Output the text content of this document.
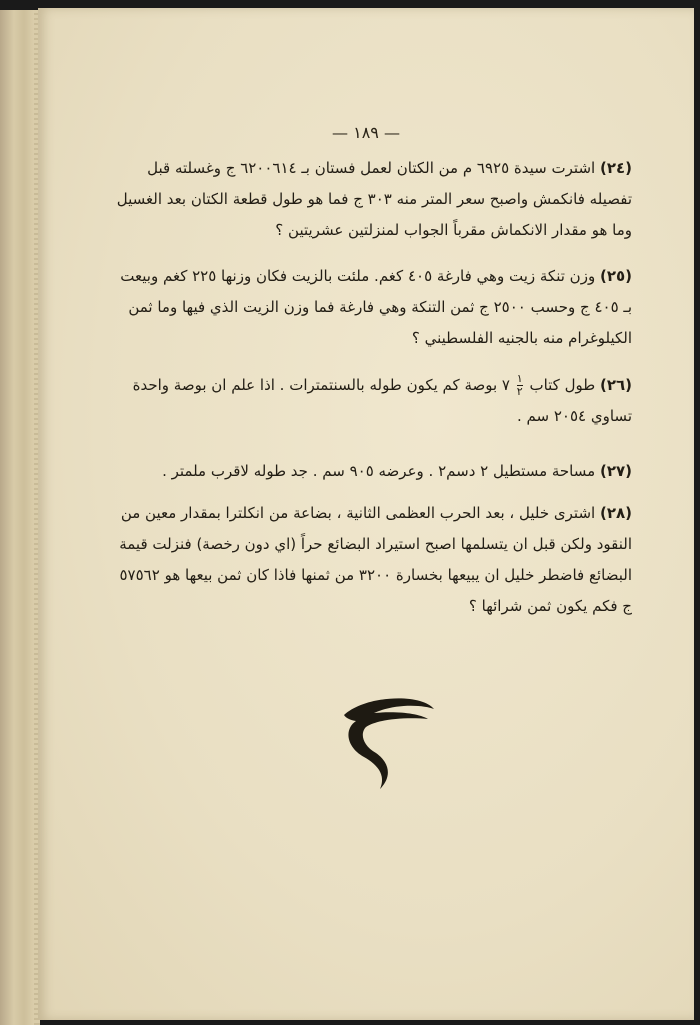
— ١٨٩ —

(٢٤) اشترت سيدة ٦٩٢٥ م من الكتان لعمل فستان بـ ٦٢٠٠٦١٤ ج وغسلته قبل تفصيله فانكمش واصبح سعر المتر منه ٣٠٣ ج فما هو طول قطعة الكتان بعد الغسيل وما هو مقدار الانكماش مقرباً الجواب لمنزلتين عشريتين ؟

(٢٥) وزن تنكة زيت وهي فارغة ٤٠٥ كغم. ملئت بالزيت فكان وزنها ٢٢٥ كغم وبيعت بـ ٤٠٥ ج وحسب ٢٥٠٠ ج ثمن التنكة وهي فارغة فما وزن الزيت الذي فيها وما ثمن الكيلوغرام منه بالجنيه الفلسطيني ؟

(٢٦) طول كتاب
$\frac{١}{٢}$
٧ بوصة كم يكون طوله بالسنتمترات . اذا علم ان بوصة واحدة تساوي ٢٠٥٤ سم .

(٢٧) مساحة مستطيل ٢ دسم٢ . وعرضه ٩٠٥ سم . جد طوله لاقرب ملمتر .

(٢٨) اشترى خليل ، بعد الحرب العظمى الثانية ، بضاعة من انكلترا بمقدار معين من النقود ولكن قبل ان يتسلمها اصبح استيراد البضائع حراً (اي دون رخصة) فنزلت قيمة البضائع فاضطر خليل ان يبيعها بخسارة ٣٢٠٠ من ثمنها فاذا كان ثمن بيعها هو ٥٧٥٦٢ ج فكم يكون ثمن شرائها ؟
